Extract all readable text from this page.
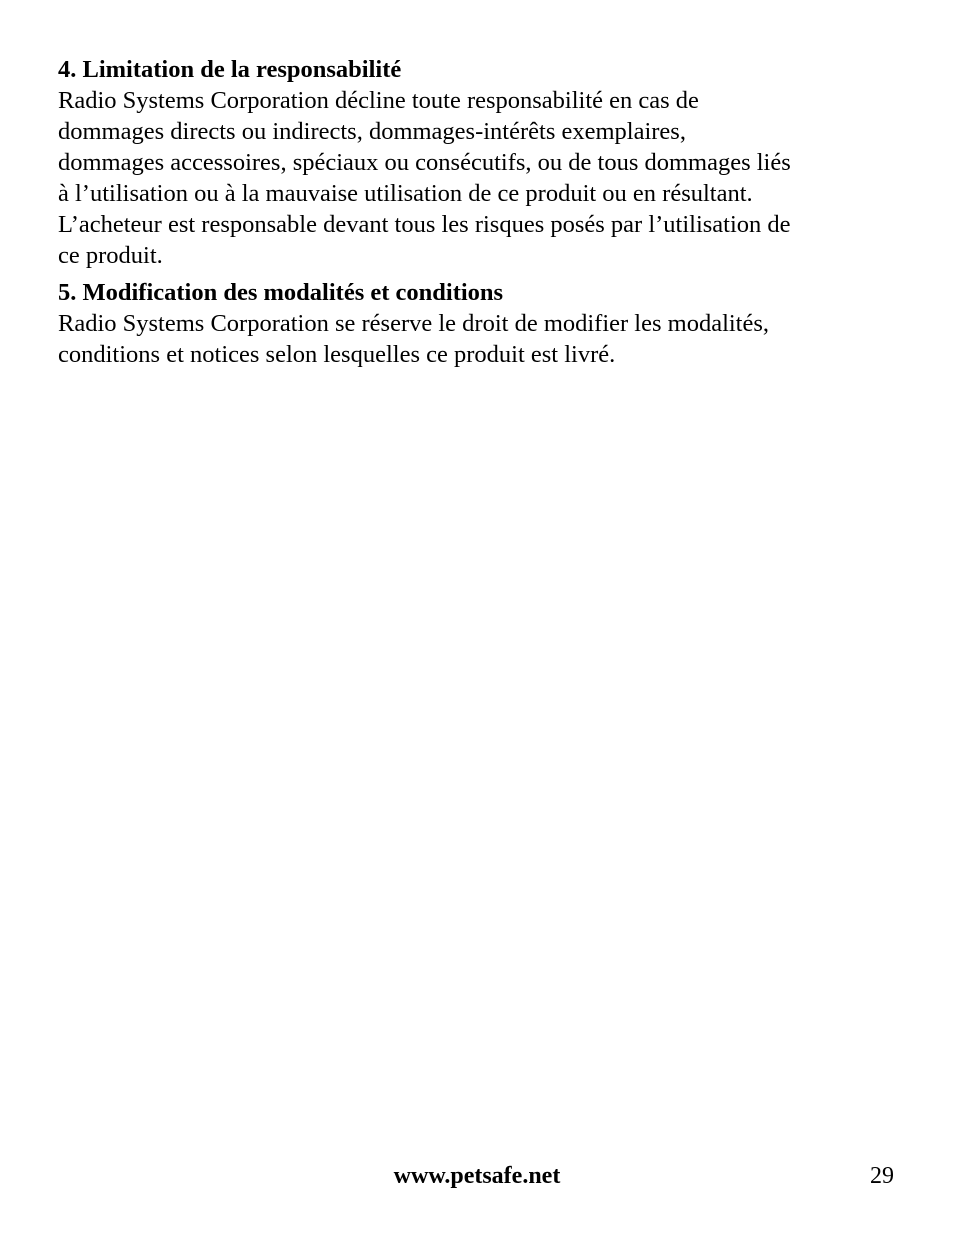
4. Limitation de la responsabilité

Radio Systems Corporation décline toute responsabilité en cas de
dommages directs ou indirects, dommages-intérêts exemplaires,
dommages accessoires, spéciaux ou consécutifs, ou de tous dommages liés
à l’utilisation ou à la mauvaise utilisation de ce produit ou en résultant.
L’acheteur est responsable devant tous les risques posés par l’utilisation de
ce produit.

5. Modification des modalités et conditions

Radio Systems Corporation se réserve le droit de modifier les modalités,
conditions et notices selon lesquelles ce produit est livré.
www.petsafe.net	29
